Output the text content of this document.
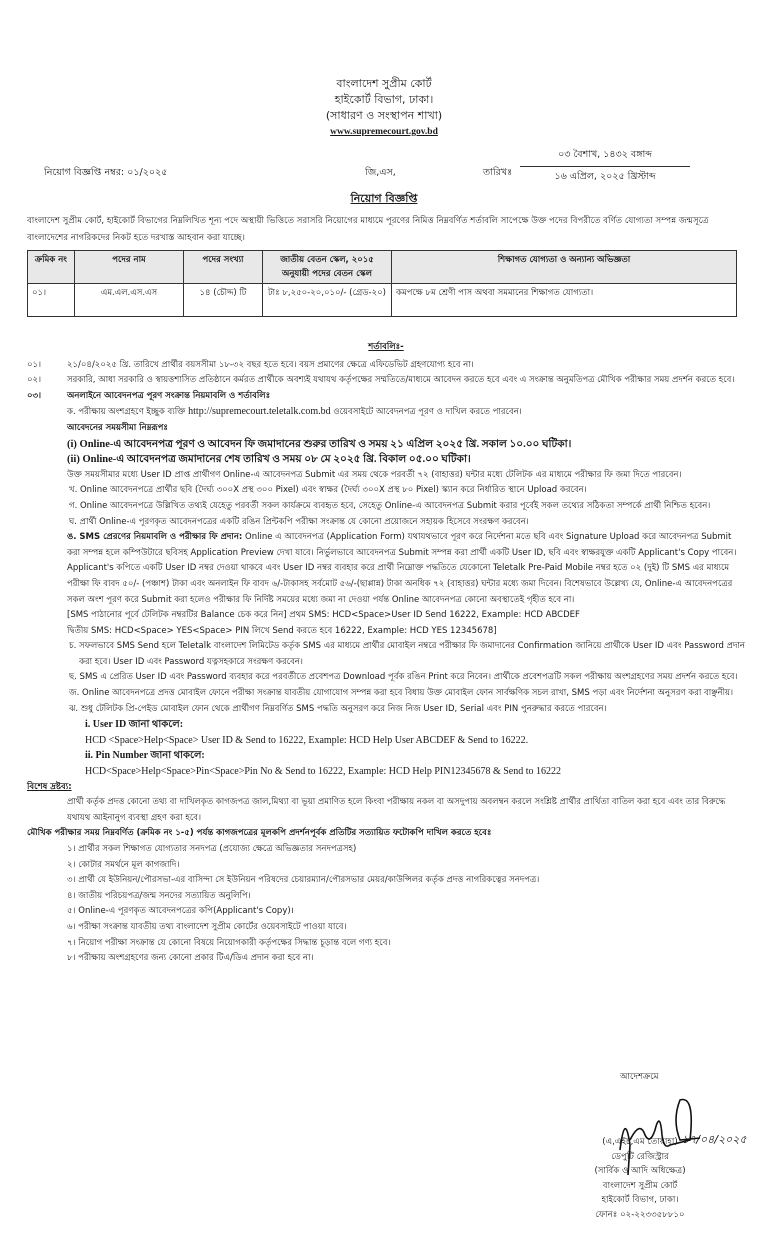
বাংলাদেশ সুপ্রীম কোর্ট
হাইকোর্ট বিভাগ, ঢাকা।
(সাধারণ ও সংস্থাপন শাখা)
www.supremecourt.gov.bd
নিয়োগ বিজ্ঞপ্তি নম্বর: ০১/২০২৫	জি,এস,	তারিখঃ
০৩ বৈশাখ, ১৪৩২ বঙ্গাব্দ
১৬ এপ্রিল, ২০২৫ খ্রিস্টাব্দ
নিয়োগ বিজ্ঞপ্তি
বাংলাদেশ সুপ্রীম কোর্ট, হাইকোর্ট বিভাগের নিম্নলিখিত শূন্য পদে অস্থায়ী ভিত্তিতে সরাসরি নিয়োগের মাধ্যমে পূরণের নিমিত্ত নিম্নবর্ণিত শর্তাবলি সাপেক্ষে উক্ত পদের বিপরীতে বর্ণিত যোগ্যতা সম্পন্ন জন্মসূত্রে বাংলাদেশের নাগরিকদের নিকট হতে দরখাস্ত আহবান করা যাচ্ছে।
ক্রমিক নং	পদের নাম	পদের সংখ্যা	জাতীয় বেতন স্কেল, ২০১৫ অনুযায়ী পদের বেতন স্কেল	শিক্ষাগত যোগ্যতা ও অন্যান্য অভিজ্ঞতা
০১।	এম.এল.এস.এস	১৪ (চৌদ্দ) টি	টাঃ ৮,২৫০-২০,০১০/- (গ্রেড-২০)	কমপক্ষে ৮ম শ্রেণী পাস অথবা সমমানের শিক্ষাগত যোগ্যতা।
শর্তাবলিঃ-
০১।	২১/০৪/২০২৫ খ্রি. তারিখে প্রার্থীর বয়সসীমা ১৮-৩২ বছর হতে হবে। বয়স প্রমাণের ক্ষেত্রে এফিডেভিট গ্রহণযোগ্য হবে না।
০২।	সরকারি, আধা সরকারি ও স্বায়ত্তশাসিত প্রতিষ্ঠানে কর্মরত প্রার্থীকে অবশ্যই যথাযথ কর্তৃপক্ষের সম্মতিতে/মাধ্যমে আবেদন করতে হবে এবং এ সংক্রান্ত অনুমতিপত্র মৌখিক পরীক্ষার সময় প্রদর্শন করতে হবে।
০৩।	অনলাইনে আবেদনপত্র পূরণ সংক্রান্ত নিয়মাবলি ও শর্তাবলিঃ
ক. পরীক্ষায় অংশগ্রহণে ইচ্ছুক ব্যক্তি http://supremecourt.teletalk.com.bd ওয়েবসাইটে আবেদনপত্র পূরণ ও দাখিল করতে পারবেন।
আবেদনের সময়সীমা নিম্নরূপঃ
(i) Online-এ আবেদনপত্র পূরণ ও আবেদন ফি জমাদানের শুরুর তারিখ ও সময় ২১ এপ্রিল ২০২৫ খ্রি. সকাল ১০.০০ ঘটিকা।
(ii) Online-এ আবেদনপত্র জমাদানের শেষ তারিখ ও সময় ০৮ মে ২০২৫ খ্রি. বিকাল ০৫.০০ ঘটিকা।
উক্ত সময়সীমার মধ্যে User ID প্রাপ্ত প্রার্থীগণ Online-এ আবেদনপত্র Submit এর সময় থেকে পরবর্তী ৭২ (বাহাত্তর) ঘন্টার মধ্যে টেলিটক এর মাধ্যমে পরীক্ষার ফি জমা দিতে পারবেন।
খ. Online আবেদনপত্রে প্রার্থীর ছবি (দৈর্ঘ্য ৩০০X প্রস্থ ৩০০ Pixel) এবং স্বাক্ষর (দৈর্ঘ্য ৩০০X প্রস্থ ৮০ Pixel) স্ক্যান করে নির্ধারিত স্থানে Upload করবেন।
গ. Online আবেদনপত্রে উল্লিখিত তথ্যই যেহেতু পরবর্তী সকল কার্যক্রমে ব্যবহৃত হবে, সেহেতু Online-এ আবেদনপত্র Submit করার পূর্বেই সকল তথ্যের সঠিকতা সম্পর্কে প্রার্থী নিশ্চিত হবেন।
ঘ. প্রার্থী Online-এ পূরণকৃত আবেদনপত্রের একটি রঙিন প্রিন্টকপি পরীক্ষা সংক্রান্ত যে কোনো প্রয়োজনে সহায়ক হিসেবে সংরক্ষণ করবেন।
ঙ. SMS প্রেরণের নিয়মাবলি ও পরীক্ষার ফি প্রদান: Online এ আবেদনপত্র (Application Form) যথাযথভাবে পূরণ করে নির্দেশনা মতে ছবি এবং Signature Upload করে আবেদনপত্র Submit করা সম্পন্ন হলে কম্পিউটারে ছবিসহ Application Preview দেখা যাবে। নির্ভুলভাবে আবেদনপত্র Submit সম্পন্ন করা প্রার্থী একটি User ID, ছবি এবং স্বাক্ষরযুক্ত একটি Applicant's Copy পাবেন। Applicant's কপিতে একটি User ID নম্বর দেওয়া থাকবে এবং User ID নম্বর ব্যবহার করে প্রার্থী নিম্নোক্ত পদ্ধতিতে যেকোনো Teletalk Pre-Paid Mobile নম্বর হতে ০২ (দুই) টি SMS এর মাধ্যমে পরীক্ষা ফি বাবদ ৫০/- (পঞ্চাশ) টাকা এবং অনলাইন ফি বাবদ ৬/-টাকাসহ সর্বমোট ৫৬/-(ছাপ্পান্ন) টাকা অনধিক ৭২ (বাহাত্তর) ঘন্টার মধ্যে জমা দিবেন। বিশেষভাবে উল্লেখ্য যে, Online-এ আবেদনপত্রের সকল অংশ পূরণ করে Submit করা হলেও পরীক্ষার ফি নির্দিষ্ট সময়ের মধ্যে জমা না দেওয়া পর্যন্ত Online আবেদনপত্র কোনো অবস্থাতেই গৃহীত হবে না।
[SMS পাঠানোর পূর্বে টেলিটক নম্বরটির Balance চেক করে নিন] প্রথম SMS: HCD<Space>User ID Send 16222, Example: HCD ABCDEF
দ্বিতীয় SMS: HCD<Space> YES<Space> PIN লিখে Send করতে হবে 16222, Example: HCD YES 12345678]
চ. সফলভাবে SMS Send হলে Teletalk বাংলাদেশ লিমিটেড কর্তৃক SMS এর মাধ্যমে প্রার্থীর মোবাইল নম্বরে পরীক্ষার ফি জমাদানের Confirmation জানিয়ে প্রার্থীকে User ID এবং Password প্রদান করা হবে। User ID এবং Password যত্নসহকারে সংরক্ষণ করবেন।
ছ. SMS এ প্রেরিত User ID এবং Password ব্যবহার করে পরবর্তীতে প্রবেশপত্র Download পূর্বক রঙিন Print করে নিবেন। প্রার্থীকে প্রবেশপত্রটি সকল পরীক্ষায় অংশগ্রহণের সময় প্রদর্শন করতে হবে।
জ. Online আবেদনপত্রে প্রদত্ত মোবাইল ফোনে পরীক্ষা সংক্রান্ত যাবতীয় যোগাযোগ সম্পন্ন করা হবে বিধায় উক্ত মোবাইল ফোন সার্বক্ষণিক সচল রাখা, SMS পড়া এবং নির্দেশনা অনুসরণ করা বাঞ্ছনীয়।
ঝ. শুধু টেলিটক প্রি-পেইড মোবাইল ফোন থেকে প্রার্থীগণ নিম্নবর্ণিত SMS পদ্ধতি অনুসরণ করে নিজ নিজ User ID, Serial এবং PIN পুনরুদ্ধার করতে পারবেন।
i. User ID জানা থাকলে:
HCD <Space>Help<Space> User ID & Send to 16222, Example: HCD Help User ABCDEF & Send to 16222.
ii. Pin Number জানা থাকলে:
HCD<Space>Help<Space>Pin<Space>Pin No & Send to 16222, Example: HCD Help PIN12345678 & Send to 16222
বিশেষ দ্রষ্টব্য:
প্রার্থী কর্তৃক প্রদত্ত কোনো তথ্য বা দাখিলকৃত কাগজপত্র জাল,মিথ্যা বা ভূয়া প্রমাণিত হলে কিংবা পরীক্ষায় নকল বা অসদুপায় অবলম্বন করলে সংশ্লিষ্ট প্রার্থীর প্রার্থিতা বাতিল করা হবে এবং তার বিরুদ্ধে যথাযথ আইনানুগ ব্যবস্থা গ্রহণ করা হবে।
মৌখিক পরীক্ষার সময় নিম্নবর্ণিত (ক্রমিক নং ১-৫) পর্যন্ত কাগজপত্রের মূলকপি প্রদর্শনপূর্বক প্রতিটির সত্যায়িত ফটোকপি দাখিল করতে হবেঃ
১। প্রার্থীর সকল শিক্ষাগত যোগ্যতার সনদপত্র (প্রযোজ্য ক্ষেত্রে অভিজ্ঞতার সনদপত্রসহ)
২। কোটার সমর্থনে মূল কাগজাদি।
৩। প্রার্থী যে ইউনিয়ন/পৌরসভা-এর বাসিন্দা সে ইউনিয়ন পরিষদের চেয়ারম্যান/পৌরসভার মেয়র/কাউন্সিলর কর্তৃক প্রদত্ত নাগরিকত্বের সনদপত্র।
৪। জাতীয় পরিচয়পত্র/জন্ম সনদের সত্যায়িত অনুলিপি।
৫। Online-এ পূরণকৃত আবেদনপত্রের কপি(Applicant's Copy)।
৬। পরীক্ষা সংক্রান্ত যাবতীয় তথ্য বাংলাদেশ সুপ্রীম কোর্টের ওয়েবসাইটে পাওয়া যাবে।
৭। নিয়োগ পরীক্ষা সংক্রান্ত যে কোনো বিষয়ে নিয়োগকারী কর্তৃপক্ষের সিদ্ধান্ত চূড়ান্ত বলে গণ্য হবে।
৮। পরীক্ষায় অংশগ্রহণের জন্য কোনো প্রকার টিএ/ডিএ প্রদান করা হবে না।
আদেশক্রমে
১৭/০৪/২০২৫
(এ,এইচ,এম তোয়াহা)
ডেপুটি রেজিস্ট্রার
(সার্বিক ও আদি অধিক্ষেত্র)
বাংলাদেশ সুপ্রীম কোর্ট
হাইকোর্ট বিভাগ, ঢাকা।
ফোনঃ ০২-২২৩৩৫৮৮১০
